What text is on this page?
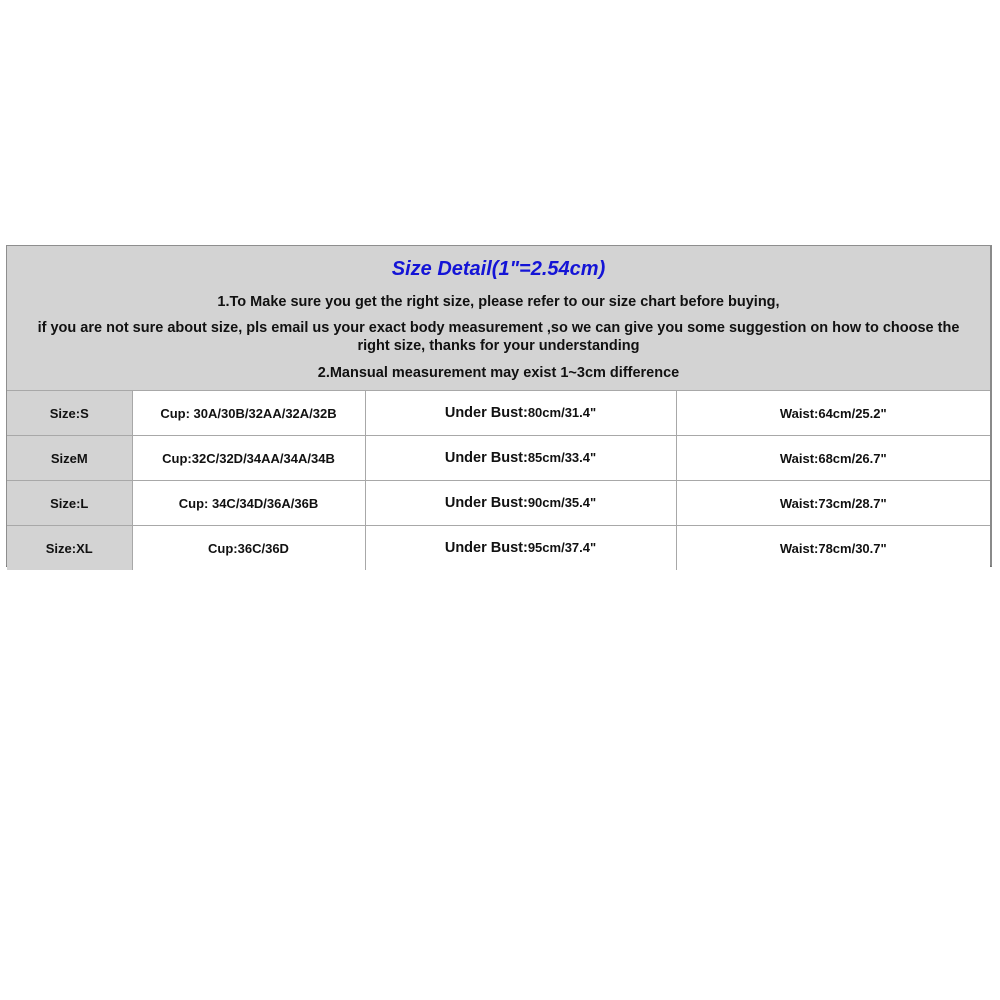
Size Detail(1"=2.54cm)
1.To Make sure you get the right size, please refer to our size chart before buying,
if you are not sure about size, pls email us your exact body measurement ,so we can give you some suggestion on how to choose the right size, thanks for your understanding
2.Mansual measurement may exist 1~3cm difference
Size:S	Cup: 30A/30B/32AA/32A/32B	Under Bust:80cm/31.4"	Waist:64cm/25.2"
SizeM	Cup:32C/32D/34AA/34A/34B	Under Bust:85cm/33.4"	Waist:68cm/26.7"
Size:L	Cup: 34C/34D/36A/36B	Under Bust:90cm/35.4"	Waist:73cm/28.7"
Size:XL	Cup:36C/36D	Under Bust:95cm/37.4"	Waist:78cm/30.7"
